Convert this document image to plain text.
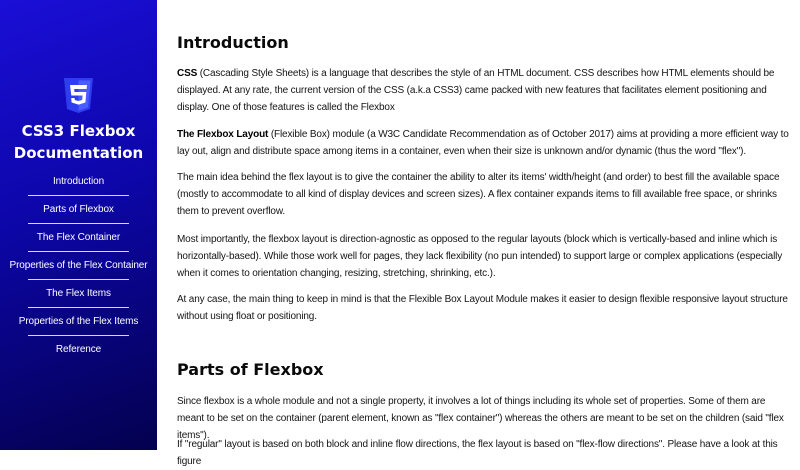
CSS3 Flexbox Documentation
Introduction
Parts of Flexbox
The Flex Container
Properties of the Flex Container
The Flex Items
Properties of the Flex Items
Reference
Introduction

CSS (Cascading Style Sheets) is a language that describes the style of an HTML document. CSS describes how HTML elements should be displayed. At any rate, the current version of the CSS (a.k.a CSS3) came packed with new features that facilitates element positioning and display. One of those features is called the Flexbox

The Flexbox Layout (Flexible Box) module (a W3C Candidate Recommendation as of October 2017) aims at providing a more efficient way to lay out, align and distribute space among items in a container, even when their size is unknown and/or dynamic (thus the word "flex").

The main idea behind the flex layout is to give the container the ability to alter its items' width/height (and order) to best fill the available space (mostly to accommodate to all kind of display devices and screen sizes). A flex container expands items to fill available free space, or shrinks them to prevent overflow.

Most importantly, the flexbox layout is direction-agnostic as opposed to the regular layouts (block which is vertically-based and inline which is horizontally-based). While those work well for pages, they lack flexibility (no pun intended) to support large or complex applications (especially when it comes to orientation changing, resizing, stretching, shrinking, etc.).

At any case, the main thing to keep in mind is that the Flexible Box Layout Module makes it easier to design flexible responsive layout structure without using float or positioning.

Parts of Flexbox

Since flexbox is a whole module and not a single property, it involves a lot of things including its whole set of properties. Some of them are meant to be set on the container (parent element, known as "flex container") whereas the others are meant to be set on the children (said "flex items").

If "regular" layout is based on both block and inline flow directions, the flex layout is based on "flex-flow directions". Please have a look at this figure
